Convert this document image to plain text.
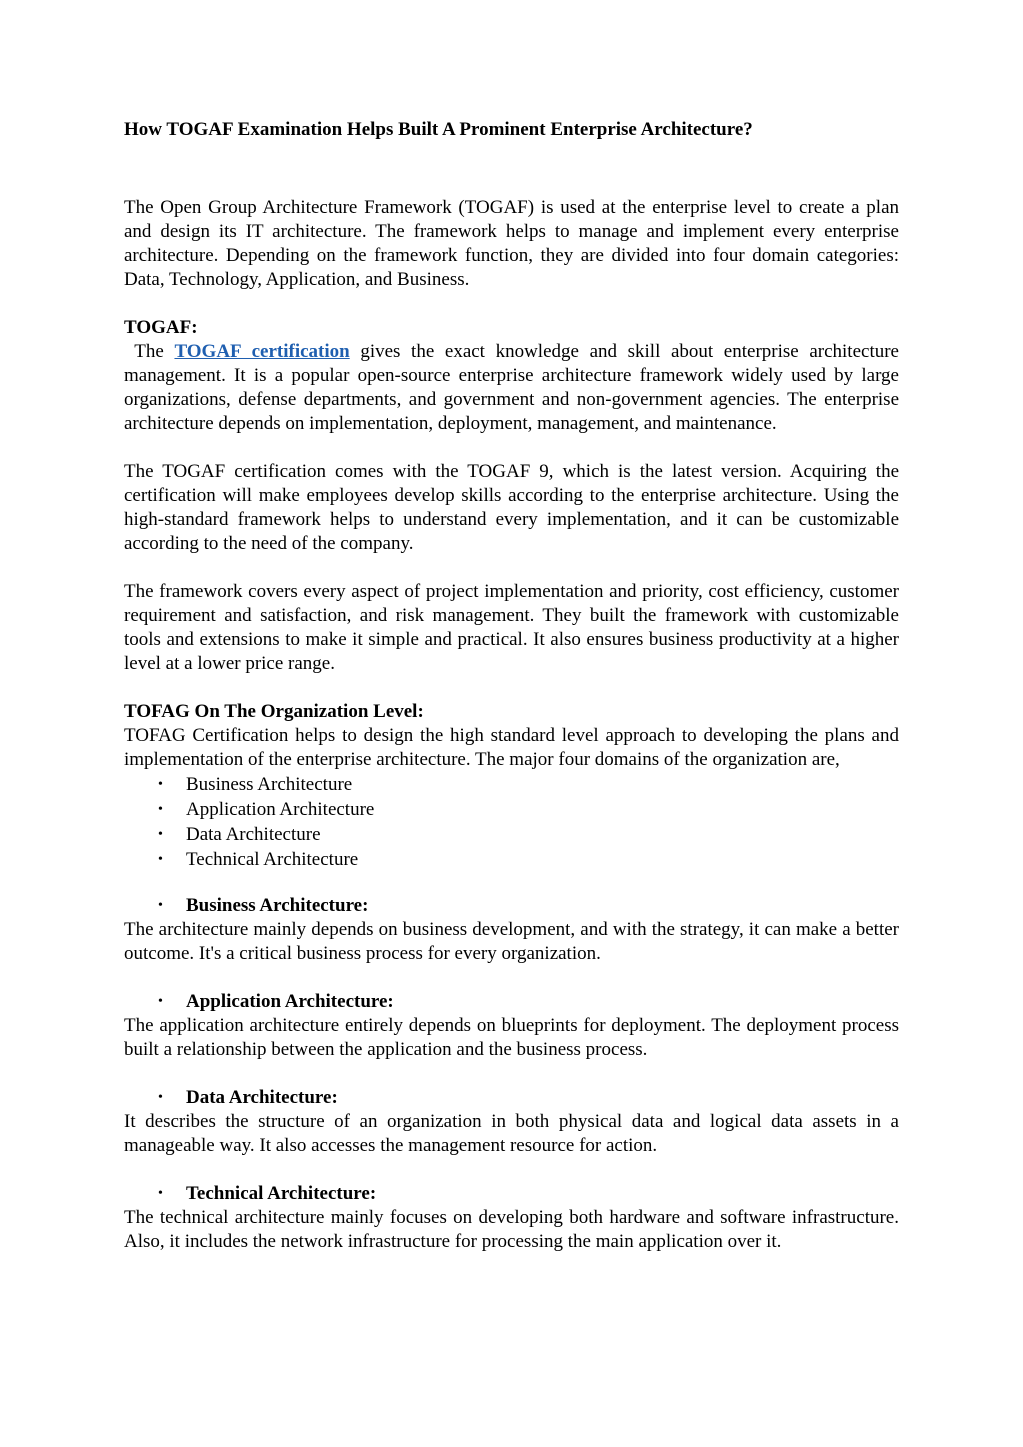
How TOGAF Examination Helps Built A Prominent Enterprise Architecture?

The Open Group Architecture Framework (TOGAF) is used at the enterprise level to create a plan and design its IT architecture. The framework helps to manage and implement every enterprise architecture. Depending on the framework function, they are divided into four domain categories: Data, Technology, Application, and Business.

TOGAF:

The TOGAF certification gives the exact knowledge and skill about enterprise architecture management. It is a popular open-source enterprise architecture framework widely used by large organizations, defense departments, and government and non-government agencies. The enterprise architecture depends on implementation, deployment, management, and maintenance.

The TOGAF certification comes with the TOGAF 9, which is the latest version. Acquiring the certification will make employees develop skills according to the enterprise architecture. Using the high-standard framework helps to understand every implementation, and it can be customizable according to the need of the company.

The framework covers every aspect of project implementation and priority, cost efficiency, customer requirement and satisfaction, and risk management. They built the framework with customizable tools and extensions to make it simple and practical. It also ensures business productivity at a higher level at a lower price range.

TOFAG On The Organization Level:

TOFAG Certification helps to design the high standard level approach to developing the plans and implementation of the enterprise architecture. The major four domains of the organization are,

• Business Architecture
• Application Architecture
• Data Architecture
• Technical Architecture
• Business Architecture:

The architecture mainly depends on business development, and with the strategy, it can make a better outcome. It's a critical business process for every organization.

• Application Architecture:

The application architecture entirely depends on blueprints for deployment. The deployment process built a relationship between the application and the business process.

• Data Architecture:

It describes the structure of an organization in both physical data and logical data assets in a manageable way. It also accesses the management resource for action.

• Technical Architecture:

The technical architecture mainly focuses on developing both hardware and software infrastructure. Also, it includes the network infrastructure for processing the main application over it.
